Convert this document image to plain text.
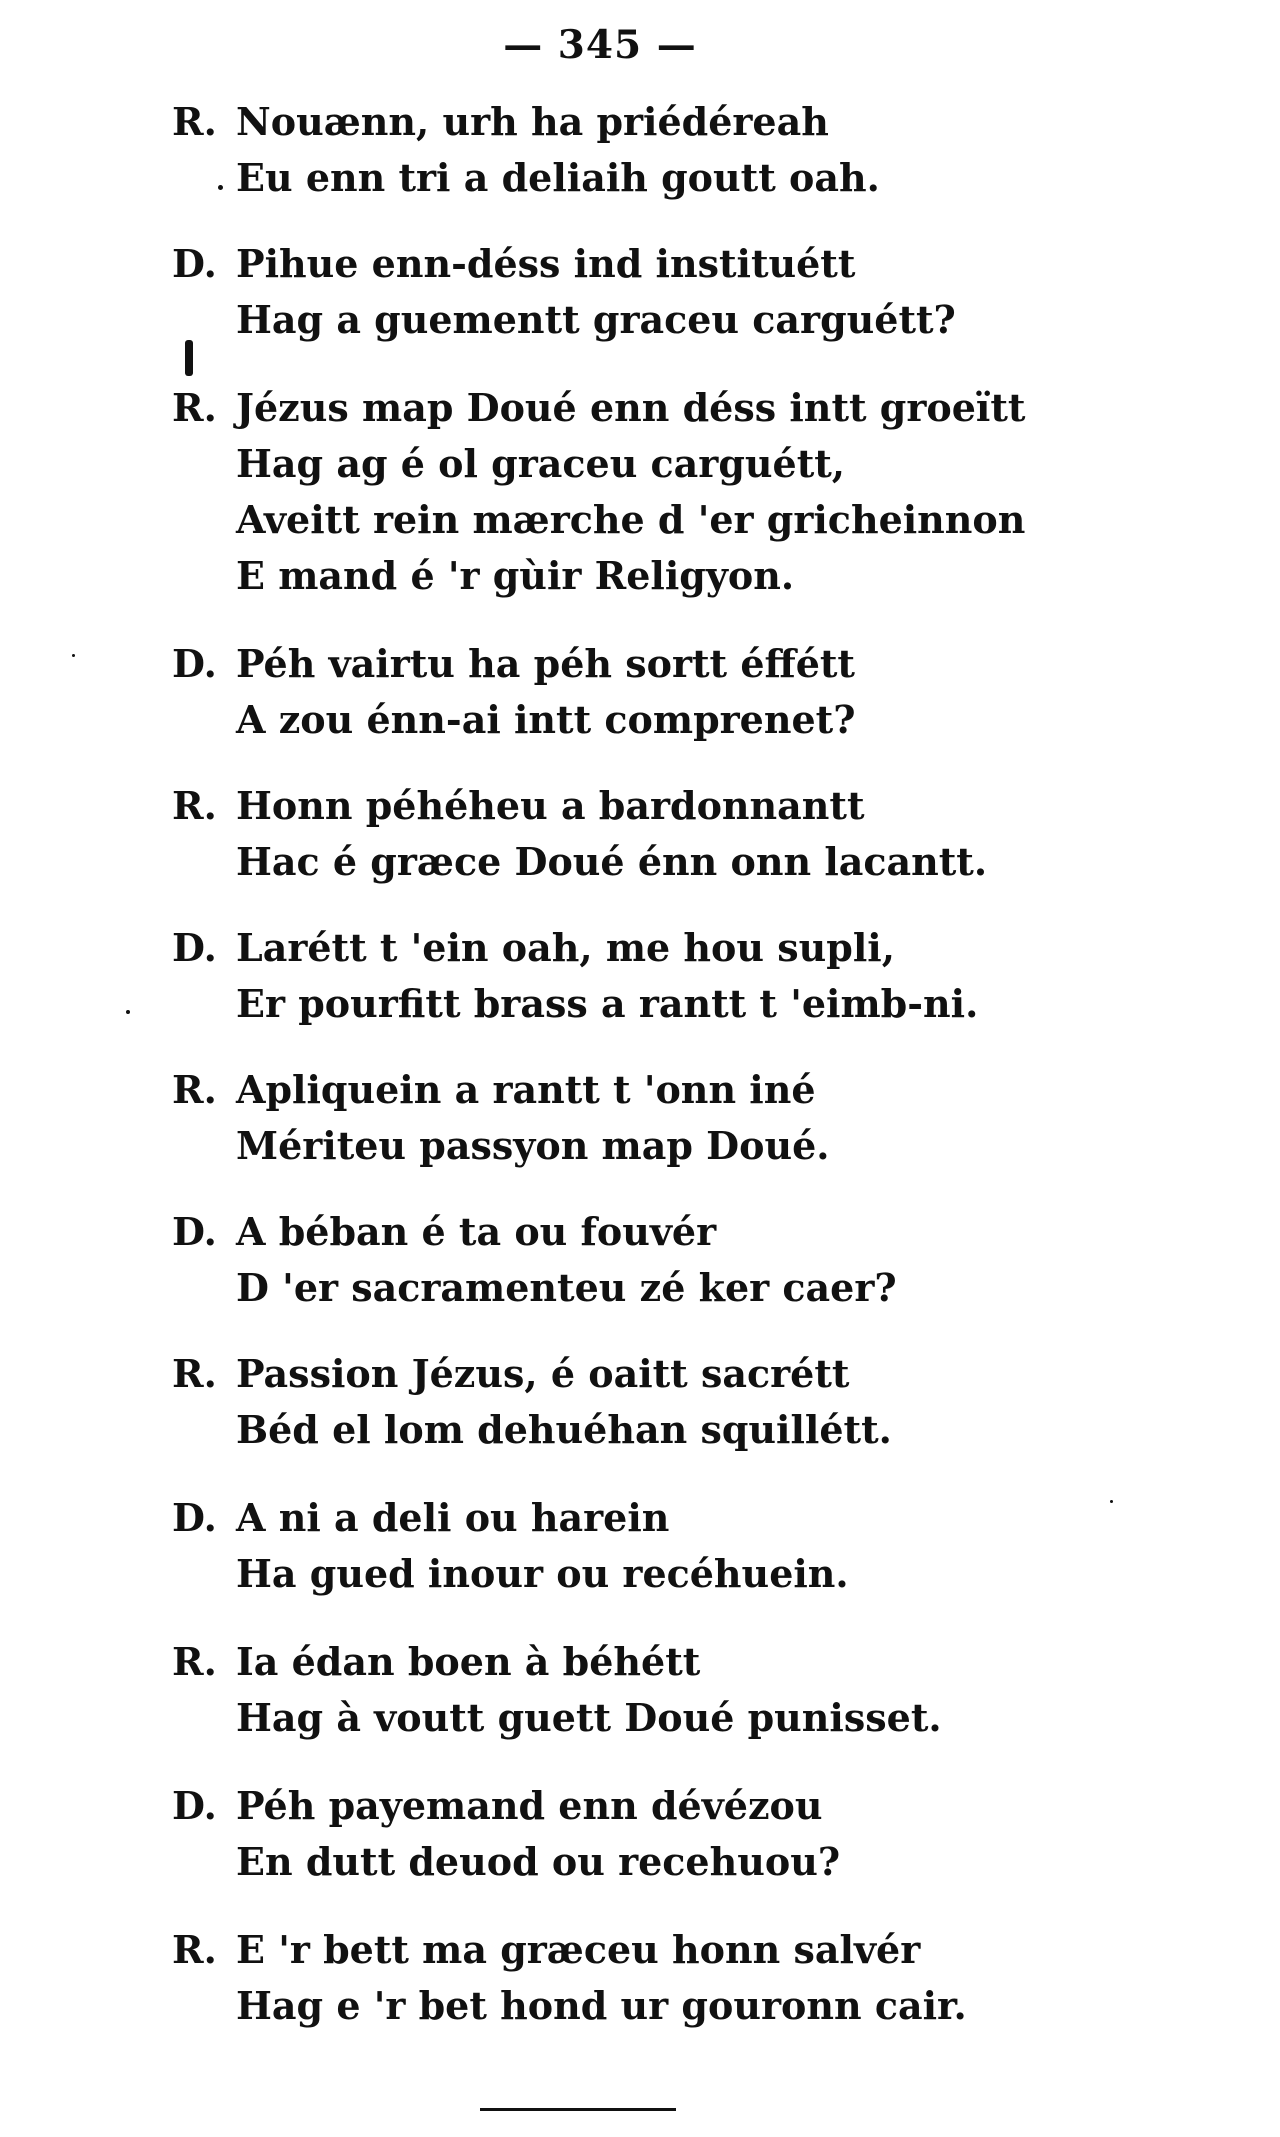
— 345 —
R. Nouænn, urh ha priédéreah
Eu enn tri a deliaih goutt oah.
D. Pihue enn-déss ind instituétt
Hag a guementt graceu carguétt?
R. Jézus map Doué enn déss intt groeïtt
Hag ag é ol graceu carguétt,
Aveitt rein mærche d 'er gricheinnon
E mand é 'r gùir Religyon.
D. Péh vairtu ha péh sortt éffétt
A zou énn-ai intt comprenet?
R. Honn péhéheu a bardonnantt
Hac é græce Doué énn onn lacantt.
D. Larétt t 'ein oah, me hou supli,
Er pourfitt brass a rantt t 'eimb-ni.
R. Apliquein a rantt t 'onn iné
Mériteu passyon map Doué.
D. A béban é ta ou fouvér
D 'er sacramenteu zé ker caer?
R. Passion Jézus, é oaitt sacrétt
Béd el lom dehuéhan squillétt.
D. A ni a deli ou harein
Ha gued inour ou recéhuein.
R. Ia édan boen à béhétt
Hag à voutt guett Doué punisset.
D. Péh payemand enn dévézou
En dutt deuod ou recehuou?
R. E 'r bett ma græceu honn salvér
Hag e 'r bet hond ur gouronn cair.
